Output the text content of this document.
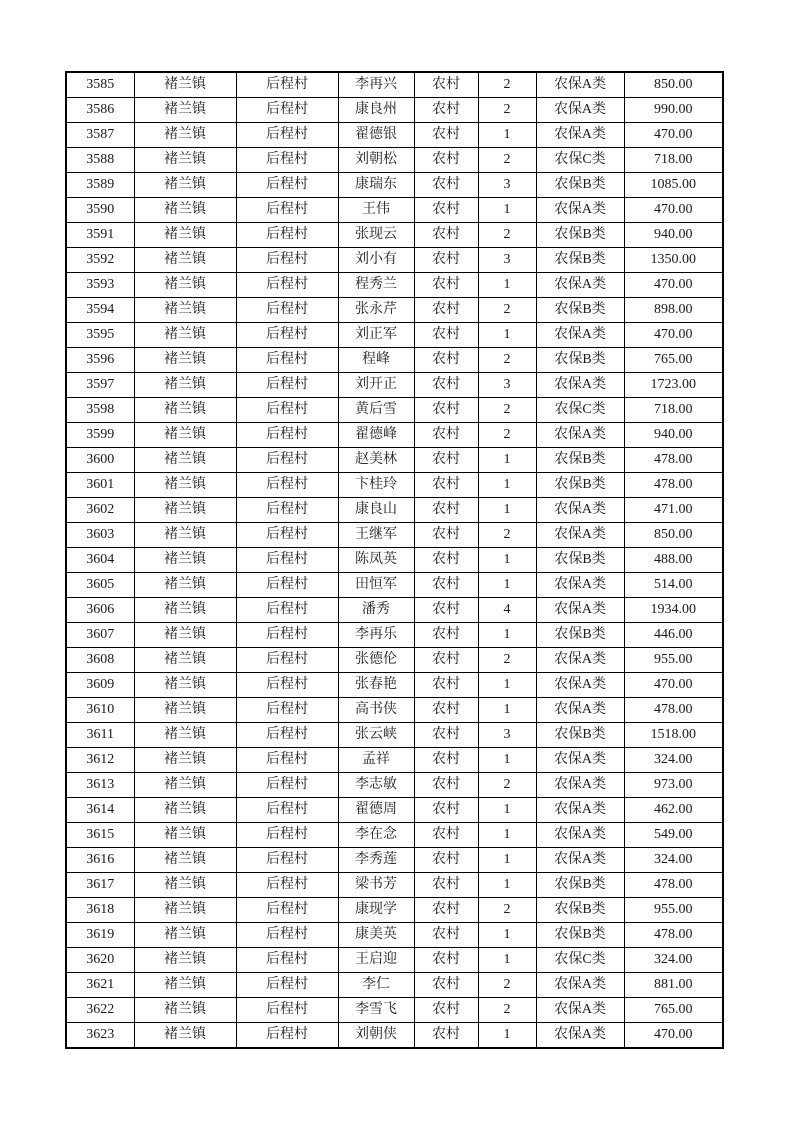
3585	褚兰镇	后程村	李再兴	农村	2	农保A类	850.00
3586	褚兰镇	后程村	康良州	农村	2	农保A类	990.00
3587	褚兰镇	后程村	翟德银	农村	1	农保A类	470.00
3588	褚兰镇	后程村	刘朝松	农村	2	农保C类	718.00
3589	褚兰镇	后程村	康瑞东	农村	3	农保B类	1085.00
3590	褚兰镇	后程村	王伟	农村	1	农保A类	470.00
3591	褚兰镇	后程村	张现云	农村	2	农保B类	940.00
3592	褚兰镇	后程村	刘小有	农村	3	农保B类	1350.00
3593	褚兰镇	后程村	程秀兰	农村	1	农保A类	470.00
3594	褚兰镇	后程村	张永芹	农村	2	农保B类	898.00
3595	褚兰镇	后程村	刘正军	农村	1	农保A类	470.00
3596	褚兰镇	后程村	程峰	农村	2	农保B类	765.00
3597	褚兰镇	后程村	刘开正	农村	3	农保A类	1723.00
3598	褚兰镇	后程村	黄后雪	农村	2	农保C类	718.00
3599	褚兰镇	后程村	翟德峰	农村	2	农保A类	940.00
3600	褚兰镇	后程村	赵美林	农村	1	农保B类	478.00
3601	褚兰镇	后程村	卞桂玲	农村	1	农保B类	478.00
3602	褚兰镇	后程村	康良山	农村	1	农保A类	471.00
3603	褚兰镇	后程村	王继军	农村	2	农保A类	850.00
3604	褚兰镇	后程村	陈凤英	农村	1	农保B类	488.00
3605	褚兰镇	后程村	田恒军	农村	1	农保A类	514.00
3606	褚兰镇	后程村	潘秀	农村	4	农保A类	1934.00
3607	褚兰镇	后程村	李再乐	农村	1	农保B类	446.00
3608	褚兰镇	后程村	张德伦	农村	2	农保A类	955.00
3609	褚兰镇	后程村	张春艳	农村	1	农保A类	470.00
3610	褚兰镇	后程村	高书侠	农村	1	农保A类	478.00
3611	褚兰镇	后程村	张云峡	农村	3	农保B类	1518.00
3612	褚兰镇	后程村	孟祥	农村	1	农保A类	324.00
3613	褚兰镇	后程村	李志敏	农村	2	农保A类	973.00
3614	褚兰镇	后程村	翟德周	农村	1	农保A类	462.00
3615	褚兰镇	后程村	李在念	农村	1	农保A类	549.00
3616	褚兰镇	后程村	李秀莲	农村	1	农保A类	324.00
3617	褚兰镇	后程村	梁书芳	农村	1	农保B类	478.00
3618	褚兰镇	后程村	康现学	农村	2	农保B类	955.00
3619	褚兰镇	后程村	康美英	农村	1	农保B类	478.00
3620	褚兰镇	后程村	王启迎	农村	1	农保C类	324.00
3621	褚兰镇	后程村	李仁	农村	2	农保A类	881.00
3622	褚兰镇	后程村	李雪飞	农村	2	农保A类	765.00
3623	褚兰镇	后程村	刘朝侠	农村	1	农保A类	470.00
